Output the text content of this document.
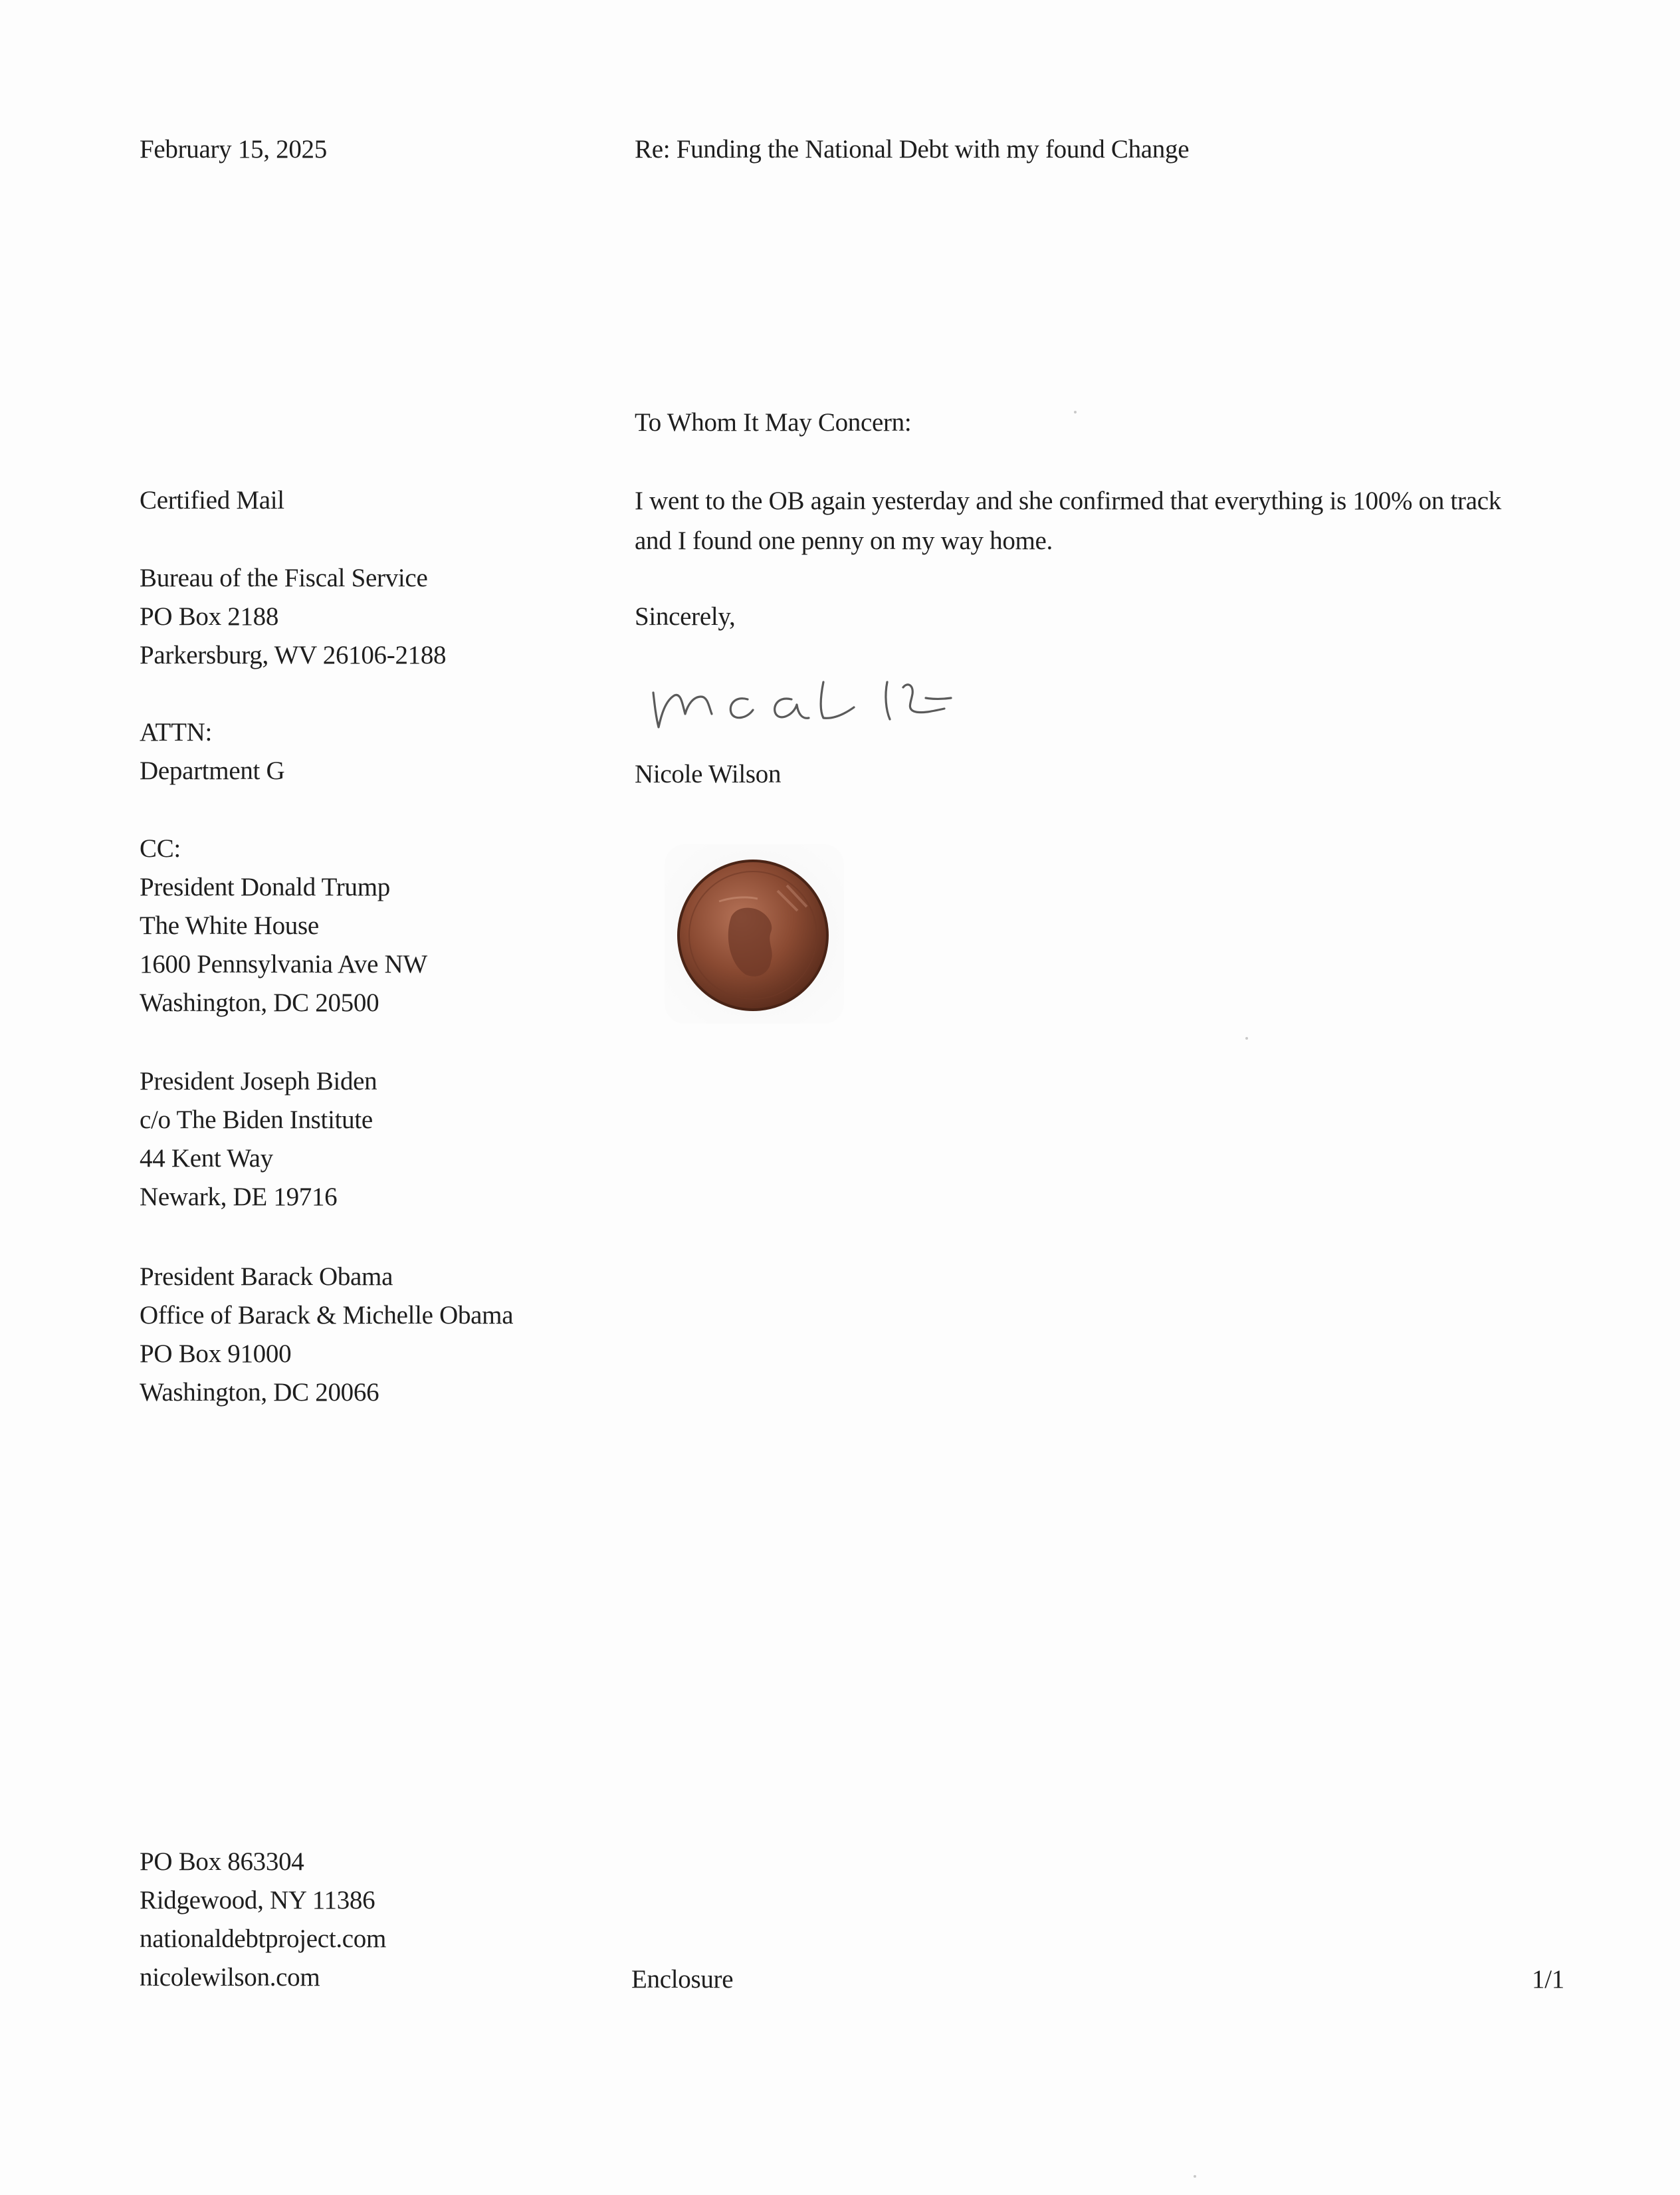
February 15, 2025	Re: Funding the National Debt with my found Change
To Whom It May Concern:
I went to the OB again yesterday and she confirmed that everything is 100% on track and I found one penny on my way home.
Sincerely,
Nicole Wilson
Certified Mail
Bureau of the Fiscal Service
PO Box 2188
Parkersburg, WV 26106-2188
ATTN:
Department G
CC:
President Donald Trump
The White House
1600 Pennsylvania Ave NW
Washington, DC 20500
President Joseph Biden
c/o The Biden Institute
44 Kent Way
Newark, DE 19716
President Barack Obama
Office of Barack & Michelle Obama
PO Box 91000
Washington, DC 20066
PO Box 863304
Ridgewood, NY 11386
nationaldebtproject.com
nicolewilson.com	Enclosure	1/1
